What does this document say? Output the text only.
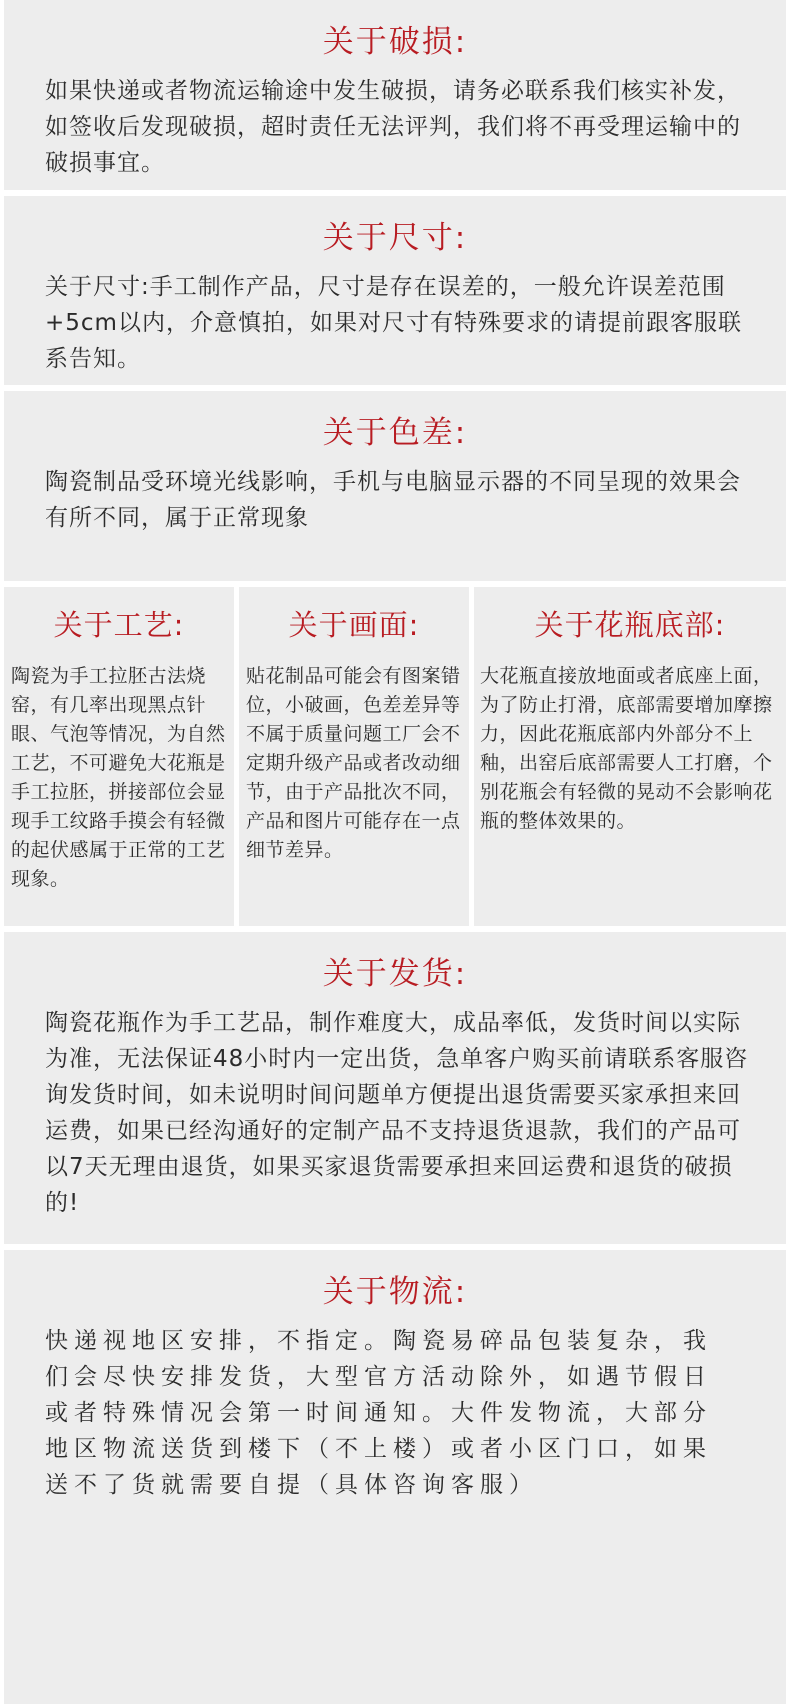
关于破损:
如果快递或者物流运输途中发生破损，请务必联系我们核实补发，如签收后发现破损，超时责任无法评判，我们将不再受理运输中的破损事宜。
关于尺寸:
关于尺寸:手工制作产品，尺寸是存在误差的，一般允许误差范围+5cm以内，介意慎拍，如果对尺寸有特殊要求的请提前跟客服联系告知。
关于色差:
陶瓷制品受环境光线影响，手机与电脑显示器的不同呈现的效果会有所不同，属于正常现象
关于工艺:
陶瓷为手工拉胚古法烧窑，有几率出现黑点针眼、气泡等情况，为自然工艺，不可避免大花瓶是手工拉胚，拼接部位会显现手工纹路手摸会有轻微的起伏感属于正常的工艺现象。
关于画面:
贴花制品可能会有图案错位，小破画，色差差异等不属于质量问题工厂会不定期升级产品或者改动细节，由于产品批次不同，产品和图片可能存在一点细节差异。
关于花瓶底部:
大花瓶直接放地面或者底座上面，为了防止打滑，底部需要增加摩擦力，因此花瓶底部内外部分不上釉，出窑后底部需要人工打磨，个别花瓶会有轻微的晃动不会影响花瓶的整体效果的。
关于发货:
陶瓷花瓶作为手工艺品，制作难度大，成品率低，发货时间以实际为准，无法保证48小时内一定出货，急单客户购买前请联系客服咨询发货时间，如未说明时间问题单方便提出退货需要买家承担来回运费，如果已经沟通好的定制产品不支持退货退款，我们的产品可以7天无理由退货，如果买家退货需要承担来回运费和退货的破损的!
关于物流:
快递视地区安排，不指定。陶瓷易碎品包装复杂，我们会尽快安排发货，大型官方活动除外，如遇节假日或者特殊情况会第一时间通知。大件发物流，大部分地区物流送货到楼下（不上楼）或者小区门口，如果送不了货就需要自提（具体咨询客服）
